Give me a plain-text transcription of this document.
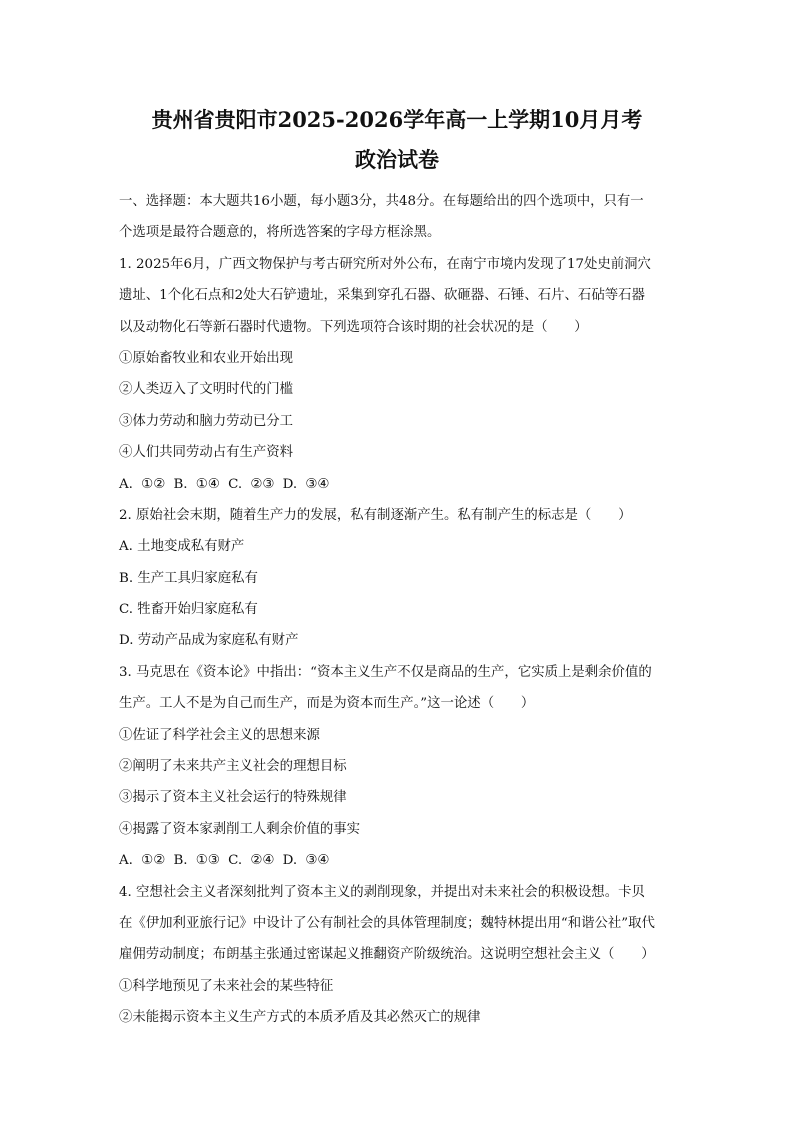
贵州省贵阳市2025-2026学年高一上学期10月月考
政治试卷
一、选择题：本大题共16小题，每小题3分，共48分。在每题给出的四个选项中，只有一
个选项是最符合题意的，将所选答案的字母方框涂黑。
1. 2025年6月，广西文物保护与考古研究所对外公布，在南宁市境内发现了17处史前洞穴
遗址、1个化石点和2处大石铲遗址，采集到穿孔石器、砍砸器、石锤、石片、石砧等石器
以及动物化石等新石器时代遗物。下列选项符合该时期的社会状况的是（　　）
①原始畜牧业和农业开始出现
②人类迈入了文明时代的门槛
③体力劳动和脑力劳动已分工
④人们共同劳动占有生产资料
A. ①② B. ①④ C. ②③ D. ③④
2. 原始社会末期，随着生产力的发展，私有制逐渐产生。私有制产生的标志是（　　）
A. 土地变成私有财产
B. 生产工具归家庭私有
C. 牲畜开始归家庭私有
D. 劳动产品成为家庭私有财产
3. 马克思在《资本论》中指出：“资本主义生产不仅是商品的生产，它实质上是剩余价值的
生产。工人不是为自己而生产，而是为资本而生产。”这一论述（　　）
①佐证了科学社会主义的思想来源
②阐明了未来共产主义社会的理想目标
③揭示了资本主义社会运行的特殊规律
④揭露了资本家剥削工人剩余价值的事实
A. ①② B. ①③ C. ②④ D. ③④
4. 空想社会主义者深刻批判了资本主义的剥削现象，并提出对未来社会的积极设想。卡贝
在《伊加利亚旅行记》中设计了公有制社会的具体管理制度；魏特林提出用“和谐公社”取代
雇佣劳动制度；布朗基主张通过密谋起义推翻资产阶级统治。这说明空想社会主义（　　）
①科学地预见了未来社会的某些特征
②未能揭示资本主义生产方式的本质矛盾及其必然灭亡的规律
